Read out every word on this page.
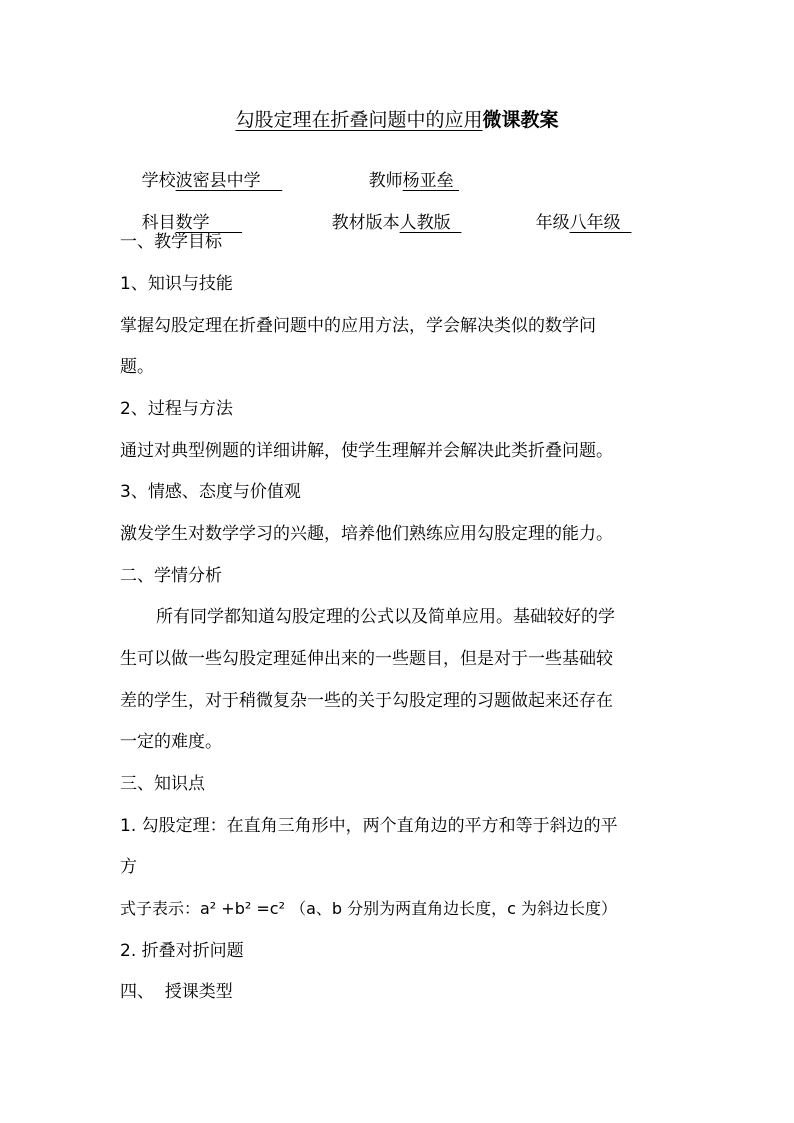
勾股定理在折叠问题中的应用微课教案

学校波密县中学
	教师杨亚垒

科目数学
	教材版本人教版
	年级八年级

一、教学目标
1、知识与技能
掌握勾股定理在折叠问题中的应用方法，学会解决类似的数学问
题。
2、过程与方法
通过对典型例题的详细讲解，使学生理解并会解决此类折叠问题。
3、情感、态度与价值观
激发学生对数学学习的兴趣，培养他们熟练应用勾股定理的能力。
二、学情分析
所有同学都知道勾股定理的公式以及简单应用。基础较好的学
生可以做一些勾股定理延伸出来的一些题目，但是对于一些基础较
差的学生，对于稍微复杂一些的关于勾股定理的习题做起来还存在
一定的难度。
三、知识点
1. 勾股定理：在直角三角形中，两个直角边的平方和等于斜边的平
方
式子表示：a² +b² =c² （a、b 分别为两直角边长度，c 为斜边长度）
2. 折叠对折问题
四、  授课类型
